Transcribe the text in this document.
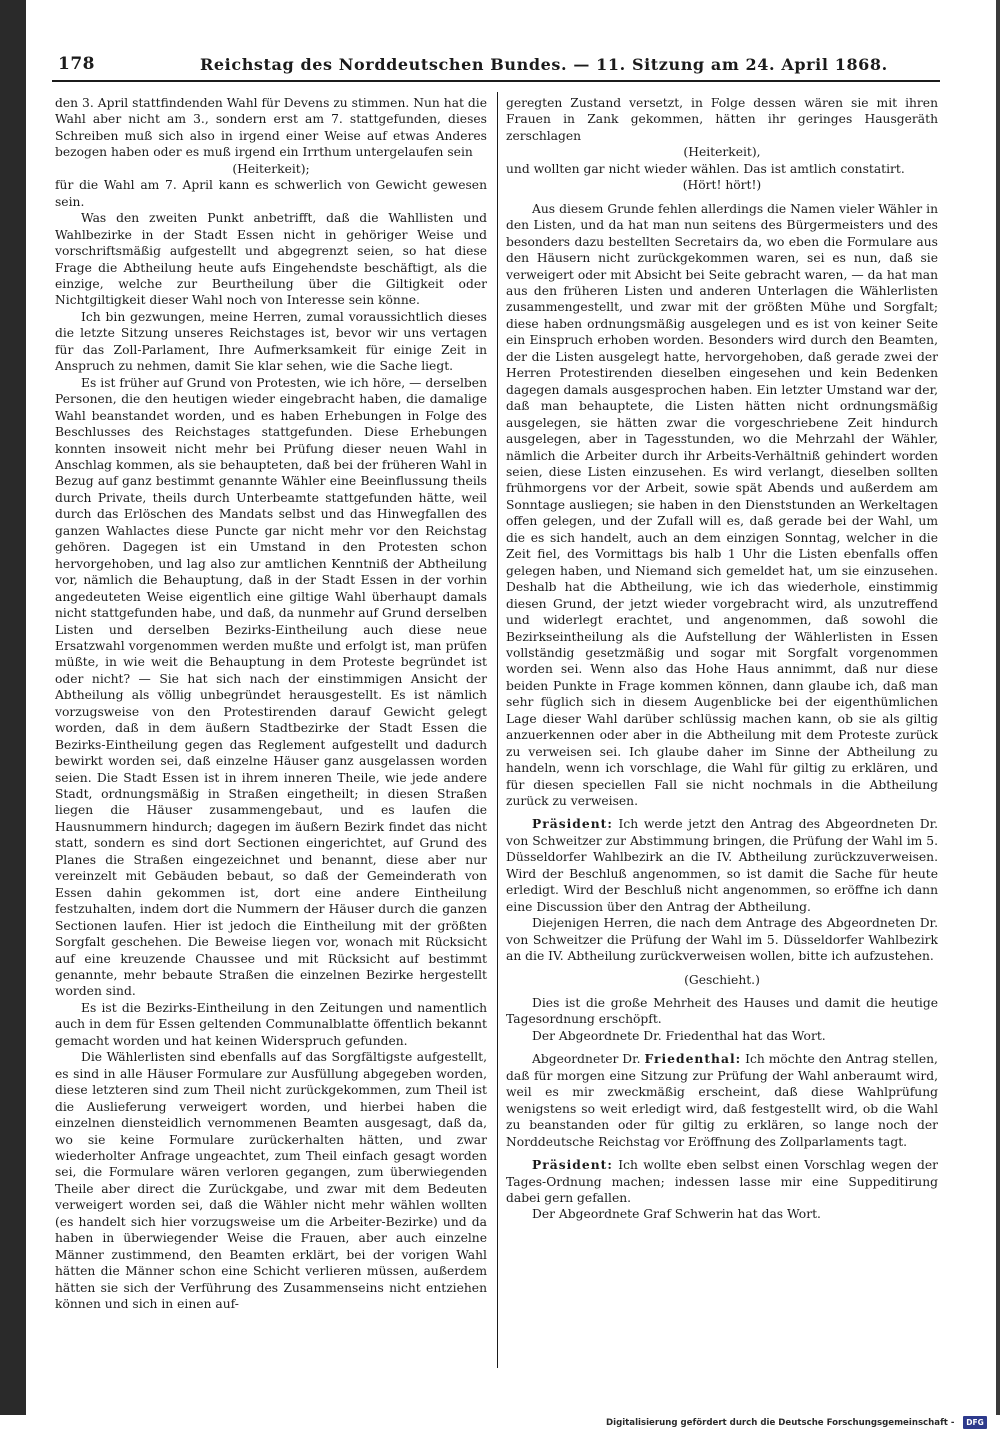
178	Reichstag des Norddeutschen Bundes. — 11. Sitzung am 24. April 1868.

den 3. April stattfindenden Wahl für Devens zu stimmen. Nun hat die Wahl aber nicht am 3., sondern erst am 7. stattgefunden, dieses Schreiben muß sich also in irgend einer Weise auf etwas Anderes bezogen haben oder es muß irgend ein Irrthum untergelaufen sein

(Heiterkeit);

für die Wahl am 7. April kann es schwerlich von Gewicht gewesen sein.

Was den zweiten Punkt anbetrifft, daß die Wahllisten und Wahlbezirke in der Stadt Essen nicht in gehöriger Weise und vorschriftsmäßig aufgestellt und abgegrenzt seien, so hat diese Frage die Abtheilung heute aufs Eingehendste beschäftigt, als die einzige, welche zur Beurtheilung über die Giltigkeit oder Nichtgiltigkeit dieser Wahl noch von Interesse sein könne.

Ich bin gezwungen, meine Herren, zumal voraussichtlich dieses die letzte Sitzung unseres Reichstages ist, bevor wir uns vertagen für das Zoll-Parlament, Ihre Aufmerksamkeit für einige Zeit in Anspruch zu nehmen, damit Sie klar sehen, wie die Sache liegt.

Es ist früher auf Grund von Protesten, wie ich höre, — derselben Personen, die den heutigen wieder eingebracht haben, die damalige Wahl beanstandet worden, und es haben Erhebungen in Folge des Beschlusses des Reichstages stattgefunden. Diese Erhebungen konnten insoweit nicht mehr bei Prüfung dieser neuen Wahl in Anschlag kommen, als sie behaupteten, daß bei der früheren Wahl in Bezug auf ganz bestimmt genannte Wähler eine Beeinflussung theils durch Private, theils durch Unterbeamte stattgefunden hätte, weil durch das Erlöschen des Mandats selbst und das Hinwegfallen des ganzen Wahlactes diese Puncte gar nicht mehr vor den Reichstag gehören. Dagegen ist ein Umstand in den Protesten schon hervorgehoben, und lag also zur amtlichen Kenntniß der Abtheilung vor, nämlich die Behauptung, daß in der Stadt Essen in der vorhin angedeuteten Weise eigentlich eine giltige Wahl überhaupt damals nicht stattgefunden habe, und daß, da nunmehr auf Grund derselben Listen und derselben Bezirks-Eintheilung auch diese neue Ersatzwahl vorgenommen werden mußte und erfolgt ist, man prüfen müßte, in wie weit die Behauptung in dem Proteste begründet ist oder nicht? — Sie hat sich nach der einstimmigen Ansicht der Abtheilung als völlig unbegründet herausgestellt. Es ist nämlich vorzugsweise von den Protestirenden darauf Gewicht gelegt worden, daß in dem äußern Stadtbezirke der Stadt Essen die Bezirks-Eintheilung gegen das Reglement aufgestellt und dadurch bewirkt worden sei, daß einzelne Häuser ganz ausgelassen worden seien. Die Stadt Essen ist in ihrem inneren Theile, wie jede andere Stadt, ordnungsmäßig in Straßen eingetheilt; in diesen Straßen liegen die Häuser zusammengebaut, und es laufen die Hausnummern hindurch; dagegen im äußern Bezirk findet das nicht statt, sondern es sind dort Sectionen eingerichtet, auf Grund des Planes die Straßen eingezeichnet und benannt, diese aber nur vereinzelt mit Gebäuden bebaut, so daß der Gemeinderath von Essen dahin gekommen ist, dort eine andere Eintheilung festzuhalten, indem dort die Nummern der Häuser durch die ganzen Sectionen laufen. Hier ist jedoch die Eintheilung mit der größten Sorgfalt geschehen. Die Beweise liegen vor, wonach mit Rücksicht auf eine kreuzende Chaussee und mit Rücksicht auf bestimmt genannte, mehr bebaute Straßen die einzelnen Bezirke hergestellt worden sind.

Es ist die Bezirks-Eintheilung in den Zeitungen und namentlich auch in dem für Essen geltenden Communalblatte öffentlich bekannt gemacht worden und hat keinen Widerspruch gefunden.

Die Wählerlisten sind ebenfalls auf das Sorgfältigste aufgestellt, es sind in alle Häuser Formulare zur Ausfüllung abgegeben worden, diese letzteren sind zum Theil nicht zurückgekommen, zum Theil ist die Auslieferung verweigert worden, und hierbei haben die einzelnen diensteidlich vernommenen Beamten ausgesagt, daß da, wo sie keine Formulare zurückerhalten hätten, und zwar wiederholter Anfrage ungeachtet, zum Theil einfach gesagt worden sei, die Formulare wären verloren gegangen, zum überwiegenden Theile aber direct die Zurückgabe, und zwar mit dem Bedeuten verweigert worden sei, daß die Wähler nicht mehr wählen wollten (es handelt sich hier vorzugsweise um die Arbeiter-Bezirke) und da haben in überwiegender Weise die Frauen, aber auch einzelne Männer zustimmend, den Beamten erklärt, bei der vorigen Wahl hätten die Männer schon eine Schicht verlieren müssen, außerdem hätten sie sich der Verführung des Zusammenseins nicht entziehen können und sich in einen auf-

geregten Zustand versetzt, in Folge dessen wären sie mit ihren Frauen in Zank gekommen, hätten ihr geringes Hausgeräth zerschlagen

(Heiterkeit),

und wollten gar nicht wieder wählen. Das ist amtlich constatirt.

(Hört! hört!)

Aus diesem Grunde fehlen allerdings die Namen vieler Wähler in den Listen, und da hat man nun seitens des Bürgermeisters und des besonders dazu bestellten Secretairs da, wo eben die Formulare aus den Häusern nicht zurückgekommen waren, sei es nun, daß sie verweigert oder mit Absicht bei Seite gebracht waren, — da hat man aus den früheren Listen und anderen Unterlagen die Wählerlisten zusammengestellt, und zwar mit der größten Mühe und Sorgfalt; diese haben ordnungsmäßig ausgelegen und es ist von keiner Seite ein Einspruch erhoben worden. Besonders wird durch den Beamten, der die Listen ausgelegt hatte, hervorgehoben, daß gerade zwei der Herren Protestirenden dieselben eingesehen und kein Bedenken dagegen damals ausgesprochen haben. Ein letzter Umstand war der, daß man behauptete, die Listen hätten nicht ordnungsmäßig ausgelegen, sie hätten zwar die vorgeschriebene Zeit hindurch ausgelegen, aber in Tagesstunden, wo die Mehrzahl der Wähler, nämlich die Arbeiter durch ihr Arbeits-Verhältniß gehindert worden seien, diese Listen einzusehen. Es wird verlangt, dieselben sollten frühmorgens vor der Arbeit, sowie spät Abends und außerdem am Sonntage ausliegen; sie haben in den Dienststunden an Werkeltagen offen gelegen, und der Zufall will es, daß gerade bei der Wahl, um die es sich handelt, auch an dem einzigen Sonntag, welcher in die Zeit fiel, des Vormittags bis halb 1 Uhr die Listen ebenfalls offen gelegen haben, und Niemand sich gemeldet hat, um sie einzusehen. Deshalb hat die Abtheilung, wie ich das wiederhole, einstimmig diesen Grund, der jetzt wieder vorgebracht wird, als unzutreffend und widerlegt erachtet, und angenommen, daß sowohl die Bezirkseintheilung als die Aufstellung der Wählerlisten in Essen vollständig gesetzmäßig und sogar mit Sorgfalt vorgenommen worden sei. Wenn also das Hohe Haus annimmt, daß nur diese beiden Punkte in Frage kommen können, dann glaube ich, daß man sehr füglich sich in diesem Augenblicke bei der eigenthümlichen Lage dieser Wahl darüber schlüssig machen kann, ob sie als giltig anzuerkennen oder aber in die Abtheilung mit dem Proteste zurück zu verweisen sei. Ich glaube daher im Sinne der Abtheilung zu handeln, wenn ich vorschlage, die Wahl für giltig zu erklären, und für diesen speciellen Fall sie nicht nochmals in die Abtheilung zurück zu verweisen.

Präsident: Ich werde jetzt den Antrag des Abgeordneten Dr. von Schweitzer zur Abstimmung bringen, die Prüfung der Wahl im 5. Düsseldorfer Wahlbezirk an die IV. Abtheilung zurückzuverweisen. Wird der Beschluß angenommen, so ist damit die Sache für heute erledigt. Wird der Beschluß nicht angenommen, so eröffne ich dann eine Discussion über den Antrag der Abtheilung.

Diejenigen Herren, die nach dem Antrage des Abgeordneten Dr. von Schweitzer die Prüfung der Wahl im 5. Düsseldorfer Wahlbezirk an die IV. Abtheilung zurückverweisen wollen, bitte ich aufzustehen.

(Geschieht.)

Dies ist die große Mehrheit des Hauses und damit die heutige Tagesordnung erschöpft.

Der Abgeordnete Dr. Friedenthal hat das Wort.

Abgeordneter Dr. Friedenthal: Ich möchte den Antrag stellen, daß für morgen eine Sitzung zur Prüfung der Wahl anberaumt wird, weil es mir zweckmäßig erscheint, daß diese Wahlprüfung wenigstens so weit erledigt wird, daß festgestellt wird, ob die Wahl zu beanstanden oder für giltig zu erklären, so lange noch der Norddeutsche Reichstag vor Eröffnung des Zollparlaments tagt.

Präsident: Ich wollte eben selbst einen Vorschlag wegen der Tages-Ordnung machen; indessen lasse mir eine Suppeditirung dabei gern gefallen.

Der Abgeordnete Graf Schwerin hat das Wort.

Digitalisierung gefördert durch die Deutsche Forschungsgemeinschaft -	DFG
